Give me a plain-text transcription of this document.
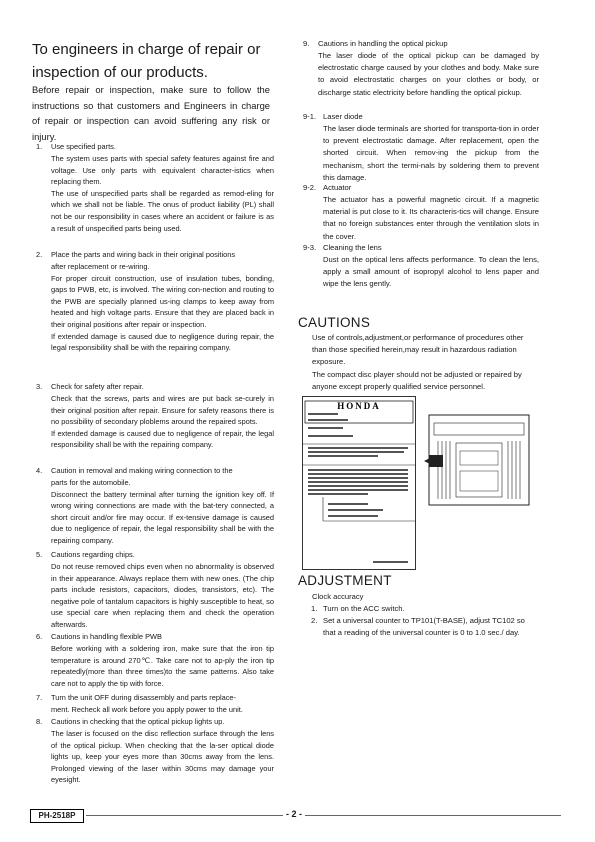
To engineers in charge of repair or
inspection of our products.
Before repair or inspection, make sure to follow the instructions so that customers and Engineers in charge of repair or inspection can avoid suffering any risk or injury.
1. Use specified parts.

The system uses parts with special safety features against fire and voltage. Use only parts with equivalent character-istics when replacing them.

The use of unspecified parts shall be regarded as remod-eling for which we shall not be liable. The onus of product liability (PL) shall not be our responsibility in cases where an accident or failure is as a result of unspecified parts being used.

2. Place the parts and wiring back in their original positions

after replacement or re-wiring.

For proper circuit construction, use of insulation tubes, bonding, gaps to PWB, etc, is involved. The wiring con-nection and routing to the PWB are specially planned us-ing clamps to keep away from heated and high voltage parts. Ensure that they are placed back in their original positions after repair or inspection.

If extended damage is caused due to negligence during repair, the legal responsibility shall be with the repairing company.

3. Check for safety after repair.

Check that the screws, parts and wires are put back se-curely in their original position after repair. Ensure for safety reasons there is no possibility of secondary ploblems around the repaired spots.

If extended damage is caused due to negligence of repair, the legal responsibility shall be with the repairing company.

4. Caution in removal and making wiring connection to the

parts for the automobile.

Disconnect the battery terminal after turning the ignition key off. If wrong wiring connections are made with the bat-tery connected, a short circuit and/or fire may occur. If ex-tensive damage is caused due to negligence of repair, the legal responsibility shall be with the repairing company.

5. Cautions regarding chips.

Do not reuse removed chips even when no abnormality is observed in their appearance. Always replace them with new ones. (The chip parts include resistors, capacitors, diodes, transistors, etc). The negative pole of tantalum capacitors is highly susceptible to heat, so use special care when replacing them and check the operation afterwards.

6. Cautions in handling flexible PWB

Before working with a soldering iron, make sure that the iron tip temperature is around 270℃. Take care not to ap-ply the iron tip repeatedly(more than three times)to the same patterns. Also take care not to apply the tip with force.

7. Turn the unit OFF during disassembly and parts replace-

ment. Recheck all work before you apply power to the unit.

8. Cautions in checking that the optical pickup lights up.

The laser is focused on the disc reflection surface through the lens of the optical pickup. When checking that the la-ser optical diode lights up, keep your eyes more than 30cms away from the lens. Prolonged viewing of the laser within 30cms may damage your eyesight.

9. Cautions in handling the optical pickup
The laser diode of the optical pickup can be damaged by electrostatic charge caused by your clothes and body. Make sure to avoid electrostatic charges on your clothes or body, or discharge static electricity before handling the optical pickup.
9-1. Laser diode
The laser diode terminals are shorted for transporta-tion in order to prevent electrostatic damage. After replacement, open the shorted circuit. When remov-ing the pickup from the mechanism, short the termi-nals by soldering them to prevent this damage.
9-2. Actuator
The actuator has a powerful magnetic circuit. If a magnetic material is put close to it. Its characteris-tics will change. Ensure that no foreign substances enter through the ventilation slots in the cover.
9-3. Cleaning the lens
Dust on the optical lens affects performance. To clean the lens, apply a small amount of isopropyl alcohol to lens paper and wipe the lens gently.
CAUTIONS

Use of controls,adjustment,or performance of procedures other than those specified herein,may result in hazardous radiation exposure.

The compact disc player should not be adjusted or repaired by anyone except properly qualified service personnel.

HONDA
ADJUSTMENT
Clock accuracy
1. Turn on the ACC switch.
2. Set a universal counter to TP101(T-BASE), adjust TC102 so that a reading of the universal counter is 0 to 1.0 sec./ day.
PH-2518P	- 2 -
